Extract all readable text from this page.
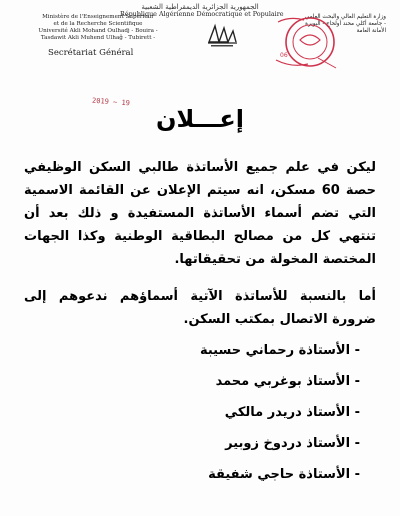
الجمهورية الجزائرية الديمقراطية الشعبية
République Algérienne Démocratique et Populaire
Ministère de l'Enseignement Supérieur
et de la Recherche Scientifique
Université Akli Mohand Oulhadj - Bouira -
Tasdawit Akli Muhend Ulhağ - Tubirett -
Secrétariat Général
وزارة التعليم العالي والبحث العلمي
جامعة أكلي محند أولحاج - البويرة -
الأمانة العامة
06
2019 ~ 19
إعـــلان

ليكن في علم جميع الأساتذة طالبي السكن الوظيفي حصة 60 مسكن، انه سيتم الإعلان عن القائمة الاسمية التي تضم أسماء الأساتذة المستفيدة و ذلك بعد أن تنتهي كل من مصالح البطاقية الوطنية وكذا الجهات المختصة المخولة من تحقيقاتها.

أما بالنسبة للأساتذة الآتية أسماؤهم ندعوهم إلى ضرورة الاتصال بمكتب السكن.

- الأستاذة رحماني حسيبة
- الأستاذ بوغربي محمد
- الأستاذ دريدر مالكي
- الأستاذ دردوخ زوبير
- الأستاذة حاجي شفيقة
